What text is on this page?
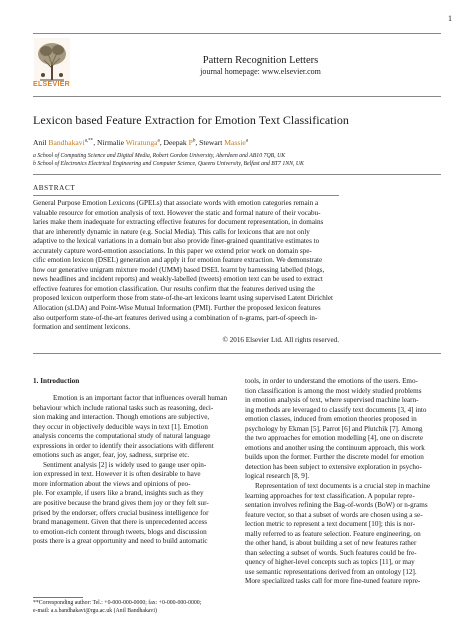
1
ELSEVIER
Pattern Recognition Letters
journal homepage: www.elsevier.com
Lexicon based Feature Extraction for Emotion Text Classification
Anil Bandhakavi$^{a,**}$, Nirmalie Wiratunga$^a$, Deepak $P^b$, Stewart Massie$^a$
a School of Computing Science and Digital Media, Robert Gordon University, Aberdeen and AB10 7QB, UK
b School of Electronics Electrical Engineering and Computer Science, Queens University, Belfast and BT7 1NN, UK
ABSTRACT
General Purpose Emotion Lexicons (GPELs) that associate words with emotion categories remain a
valuable resource for emotion analysis of text. However the static and formal nature of their vocabu-
laries make them inadequate for extracting effective features for document representation, in domains
that are inherently dynamic in nature (e.g. Social Media). This calls for lexicons that are not only
adaptive to the lexical variations in a domain but also provide finer-grained quantitative estimates to
accurately capture word-emotion associations. In this paper we extend prior work on domain spe-
cific emotion lexicon (DSEL) generation and apply it for emotion feature extraction. We demonstrate
how our generative unigram mixture model (UMM) based DSEL learnt by harnessing labelled (blogs,
news headlines and incident reports) and weakly-labelled (tweets) emotion text can be used to extract
effective features for emotion classification. Our results confirm that the features derived using the
proposed lexicon outperform those from state-of-the-art lexicons learnt using supervised Latent Dirichlet
Allocation (sLDA) and Point-Wise Mutual Information (PMI). Further the proposed lexicon features
also outperform state-of-the-art features derived using a combination of n-grams, part-of-speech in-
formation and sentiment lexicons.
© 2016 Elsevier Ltd. All rights reserved.
1. Introduction
Emotion is an important factor that influences overall human
behaviour which include rational tasks such as reasoning, deci-
sion making and interaction. Though emotions are subjective,
they occur in objectively deducible ways in text [1]. Emotion
analysis concerns the computational study of natural language
expressions in order to identify their associations with different
emotions such as anger, fear, joy, sadness, surprise etc.
Sentiment analysis [2] is widely used to gauge user opin-
ion expressed in text. However it is often desirable to have
more information about the views and opinions of peo-
ple. For example, if users like a brand, insights such as they
are positive because the brand gives them joy or they felt sur-
prised by the endorser, offers crucial business intelligence for
brand management. Given that there is unprecedented access
to emotion-rich content through tweets, blogs and discussion
posts there is a great opportunity and need to build automatic
tools, in order to understand the emotions of the users. Emo-
tion classification is among the most widely studied problems
in emotion analysis of text, where supervised machine learn-
ing methods are leveraged to classify text documents [3, 4] into
emotion classes, induced from emotion theories proposed in
psychology by Ekman [5], Parrot [6] and Plutchik [7]. Among
the two approaches for emotion modelling [4], one on discrete
emotions and another using the continuum approach, this work
builds upon the former. Further the discrete model for emotion
detection has been subject to extensive exploration in psycho-
logical research [8, 9].
Representation of text documents is a crucial step in machine
learning approaches for text classification. A popular repre-
sentation involves refining the Bag-of-words (BoW) or n-grams
feature vector, so that a subset of words are chosen using a se-
lection metric to represent a text document [10]; this is nor-
mally referred to as feature selection. Feature engineering, on
the other hand, is about building a set of new features rather
than selecting a subset of words. Such features could be fre-
quency of higher-level concepts such as topics [11], or may
use semantic representations derived from an ontology [12].
More specialized tasks call for more fine-tuned feature repre-
**Corresponding author: Tel.: +0-000-000-0000; fax: +0-000-000-0000;
e-mail: a.s.bandhakavi@rgu.ac.uk (Anil Bandhakavi)
